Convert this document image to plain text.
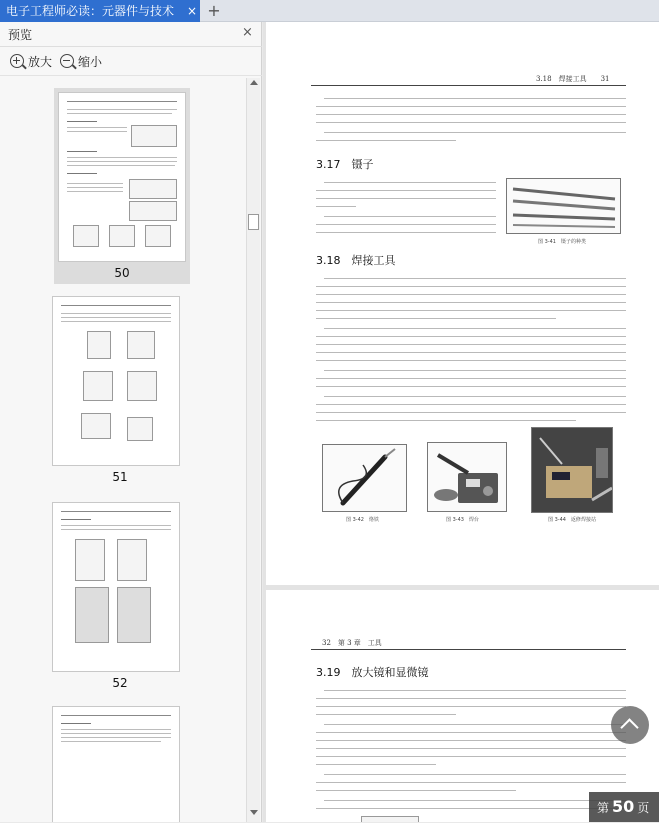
电子工程师必读：元器件与技术	× +
预览	×
放大	缩小
50
51
52
3.18　焊接工具　　31
3.17　镊子
图 3-41　镊子的种类
3.18　焊接工具
图 3-42　烙铁	图 3-43　焊台	图 3-44　返修焊接站
32　第 3 章　工具
3.19　放大镜和显微镜
第 50 页
